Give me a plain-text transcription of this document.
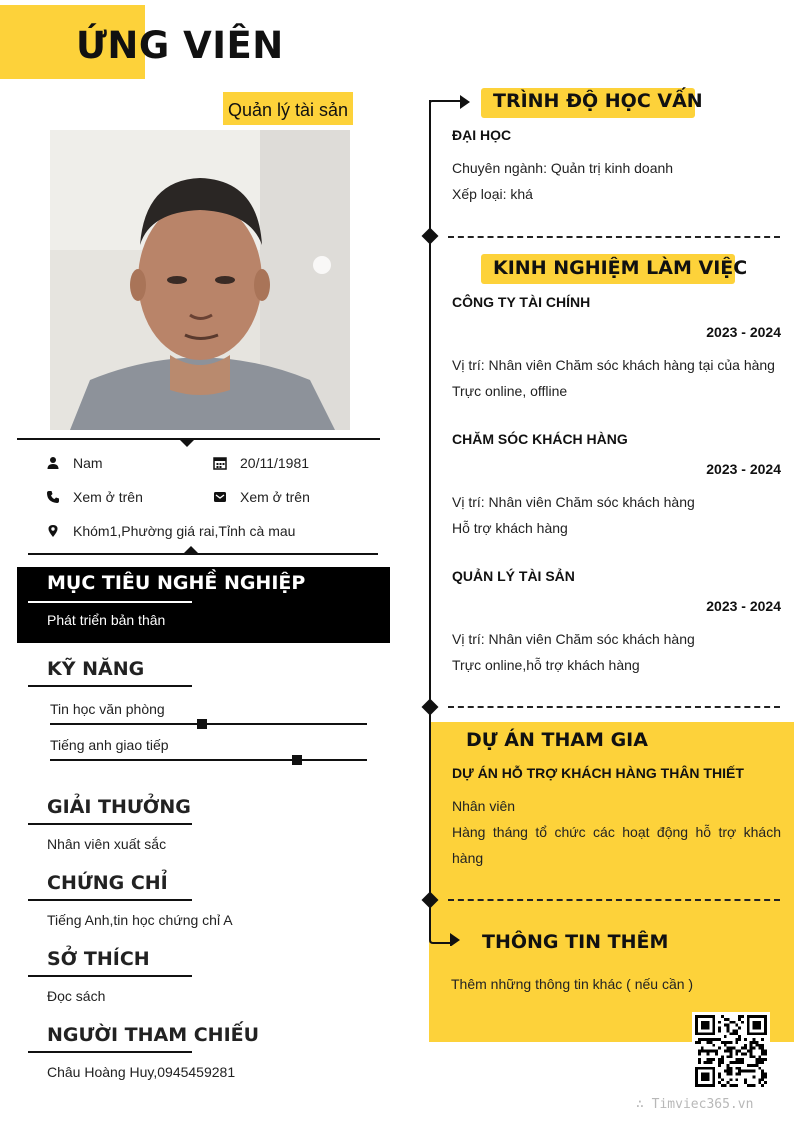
ỨNG VIÊN
Quản lý tài sản
Nam	20/11/1981
Xem ở trên	Xem ở trên
Khóm1,Phường giá rai,Tỉnh cà mau
MỤC TIÊU NGHỀ NGHIỆP
Phát triển bản thân
KỸ NĂNG
Tin học văn phòng
Tiếng anh giao tiếp
GIẢI THƯỞNG
Nhân viên xuất sắc
CHỨNG CHỈ
Tiếng Anh,tin học chứng chỉ A
SỞ THÍCH
Đọc sách
NGƯỜI THAM CHIẾU
Châu Hoàng Huy,0945459281
TRÌNH ĐỘ HỌC VẤN
ĐẠI HỌC
Chuyên ngành: Quản trị kinh doanh
Xếp loại: khá
KINH NGHIỆM LÀM VIỆC
CÔNG TY TÀI CHÍNH
2023 - 2024
Vị trí: Nhân viên Chăm sóc khách hàng tại của hàng
Trực online, offline
CHĂM SÓC KHÁCH HÀNG
2023 - 2024
Vị trí: Nhân viên Chăm sóc khách hàng
Hỗ trợ khách hàng
QUẢN LÝ TÀI SẢN
2023 - 2024
Vị trí: Nhân viên Chăm sóc khách hàng
Trực online,hỗ trợ khách hàng
DỰ ÁN THAM GIA
DỰ ÁN HỖ TRỢ KHÁCH HÀNG THÂN THIẾT
Nhân viên
Hàng tháng tổ chức các hoạt động hỗ trợ khách
hàng
THÔNG TIN THÊM
Thêm những thông tin khác ( nếu cần )
∴ Timviec365.vn
